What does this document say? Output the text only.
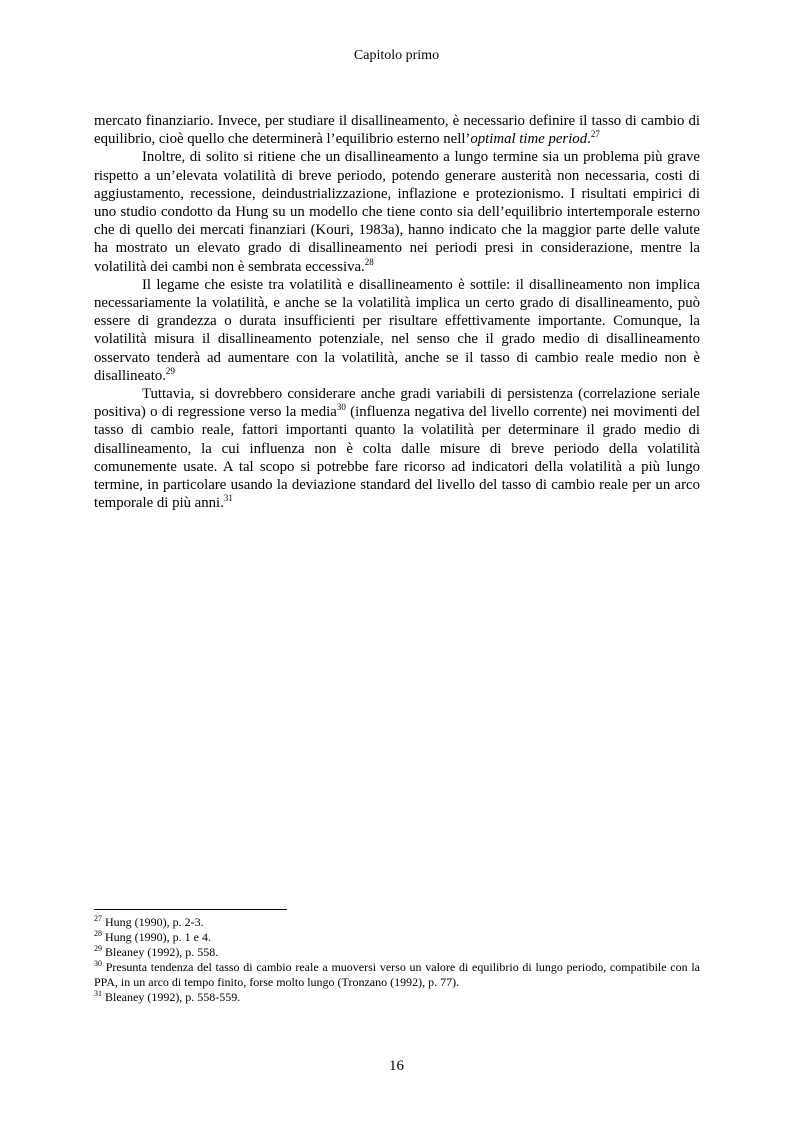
Capitolo primo

mercato finanziario. Invece, per studiare il disallineamento, è necessario definire il tasso di cambio di equilibrio, cioè quello che determinerà l’equilibrio esterno nell’optimal time period.$^{27}$

Inoltre, di solito si ritiene che un disallineamento a lungo termine sia un problema più grave rispetto a un’elevata volatilità di breve periodo, potendo generare austerità non necessaria, costi di aggiustamento, recessione, deindustrializzazione, inflazione e protezionismo. I risultati empirici di uno studio condotto da Hung su un modello che tiene conto sia dell’equilibrio intertemporale esterno che di quello dei mercati finanziari (Kouri, 1983a), hanno indicato che la maggior parte delle valute ha mostrato un elevato grado di disallineamento nei periodi presi in considerazione, mentre la volatilità dei cambi non è sembrata eccessiva.$^{28}$

Il legame che esiste tra volatilità e disallineamento è sottile: il disallineamento non implica necessariamente la volatilità, e anche se la volatilità implica un certo grado di disallineamento, può essere di grandezza o durata insufficienti per risultare effettivamente importante. Comunque, la volatilità misura il disallineamento potenziale, nel senso che il grado medio di disallineamento osservato tenderà ad aumentare con la volatilità, anche se il tasso di cambio reale medio non è disallineato.$^{29}$

Tuttavia, si dovrebbero considerare anche gradi variabili di persistenza (correlazione seriale positiva) o di regressione verso la media$^{30}$ (influenza negativa del livello corrente) nei movimenti del tasso di cambio reale, fattori importanti quanto la volatilità per determinare il grado medio di disallineamento, la cui influenza non è colta dalle misure di breve periodo della volatilità comunemente usate. A tal scopo si potrebbe fare ricorso ad indicatori della volatilità a più lungo termine, in particolare usando la deviazione standard del livello del tasso di cambio reale per un arco temporale di più anni.$^{31}$

$^{27}$ Hung (1990), p. 2-3.
$^{28}$ Hung (1990), p. 1 e 4.
$^{29}$ Bleaney (1992), p. 558.
$^{30}$ Presunta tendenza del tasso di cambio reale a muoversi verso un valore di equilibrio di lungo periodo, compatibile con la PPA, in un arco di tempo finito, forse molto lungo (Tronzano (1992), p. 77).
$^{31}$ Bleaney (1992), p. 558-559.
16
